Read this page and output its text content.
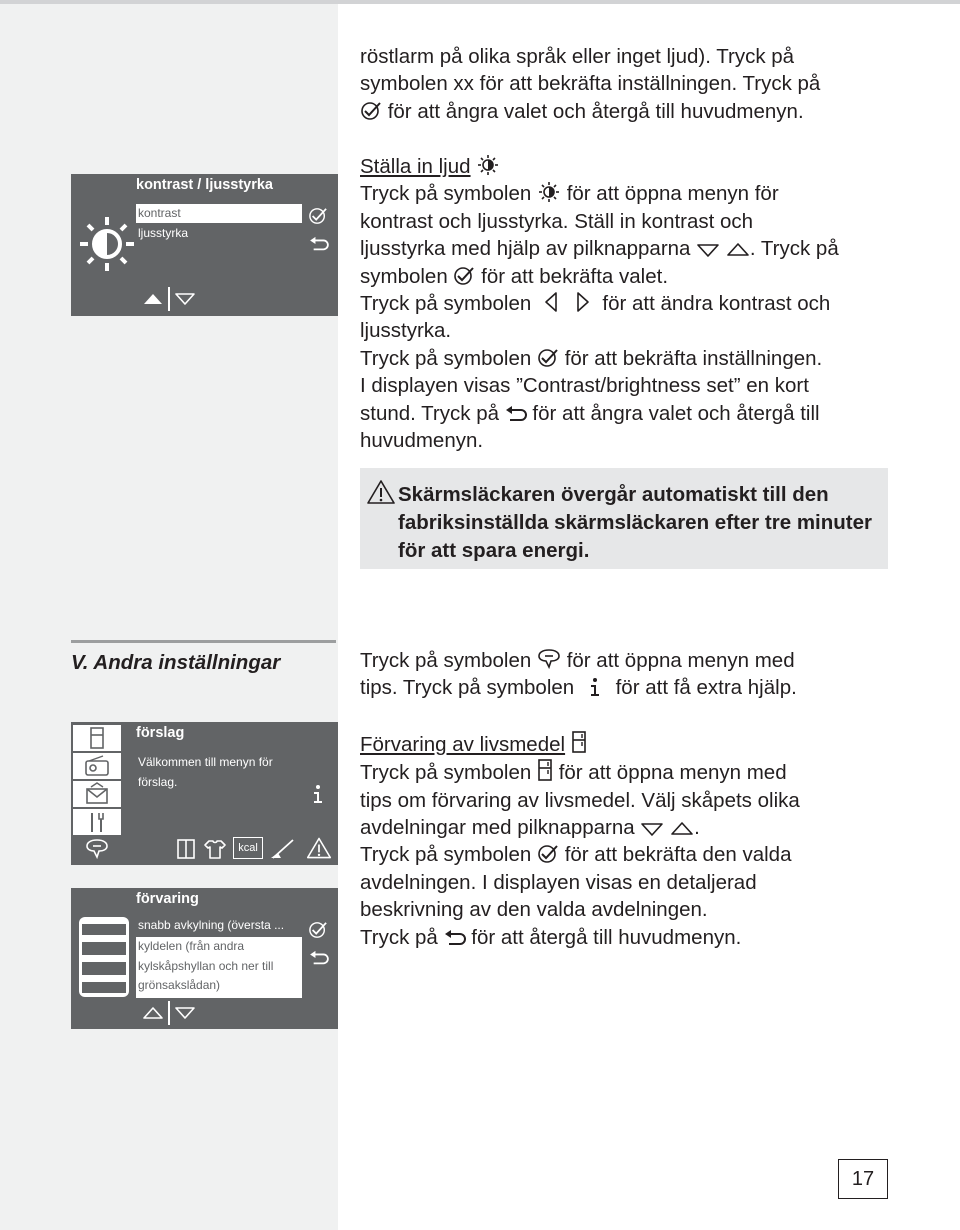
röstlarm på olika språk eller inget ljud). Tryck på

symbolen xx för att bekräfta inställningen. Tryck på

för att ångra valet och återgå till huvudmenyn.

Ställa in ljud

Tryck på symbolen för att öppna menyn för

kontrast och ljusstyrka. Ställ in kontrast och

ljusstyrka med hjälp av pilknapparna
	. Tryck på

symbolen för att bekräfta valet.

Tryck på symbolen
	för att ändra kontrast och

ljusstyrka.

Tryck på symbolen för att bekräfta inställningen.

I displayen visas ”Contrast/brightness set” en kort

stund. Tryck på för att ångra valet och återgå till

huvudmenyn.

Skärmsläckaren övergår automatiskt till den fabriksinställda skärmsläckaren efter tre minuter för att spara energi.
V. Andra inställningar	Tryck på symbolen för att öppna menyn med

tips. Tryck på symbolen för att få extra hjälp.

Förvaring av livsmedel

Tryck på symbolen för att öppna menyn med

tips om förvaring av livsmedel. Välj skåpets olika

avdelningar med pilknapparna
	.

Tryck på symbolen för att bekräfta den valda

avdelningen. I displayen visas en detaljerad

beskrivning av den valda avdelningen.

Tryck på för att återgå till huvudmenyn.

kontrast / ljusstyrka
kontrast
ljusstyrka
förslag
Välkommen till menyn för
förslag.
kcal
förvaring
snabb avkylning (översta ...
kyldelen (från andra
kylskåpshyllan och ner till
grönsakslådan)
17
